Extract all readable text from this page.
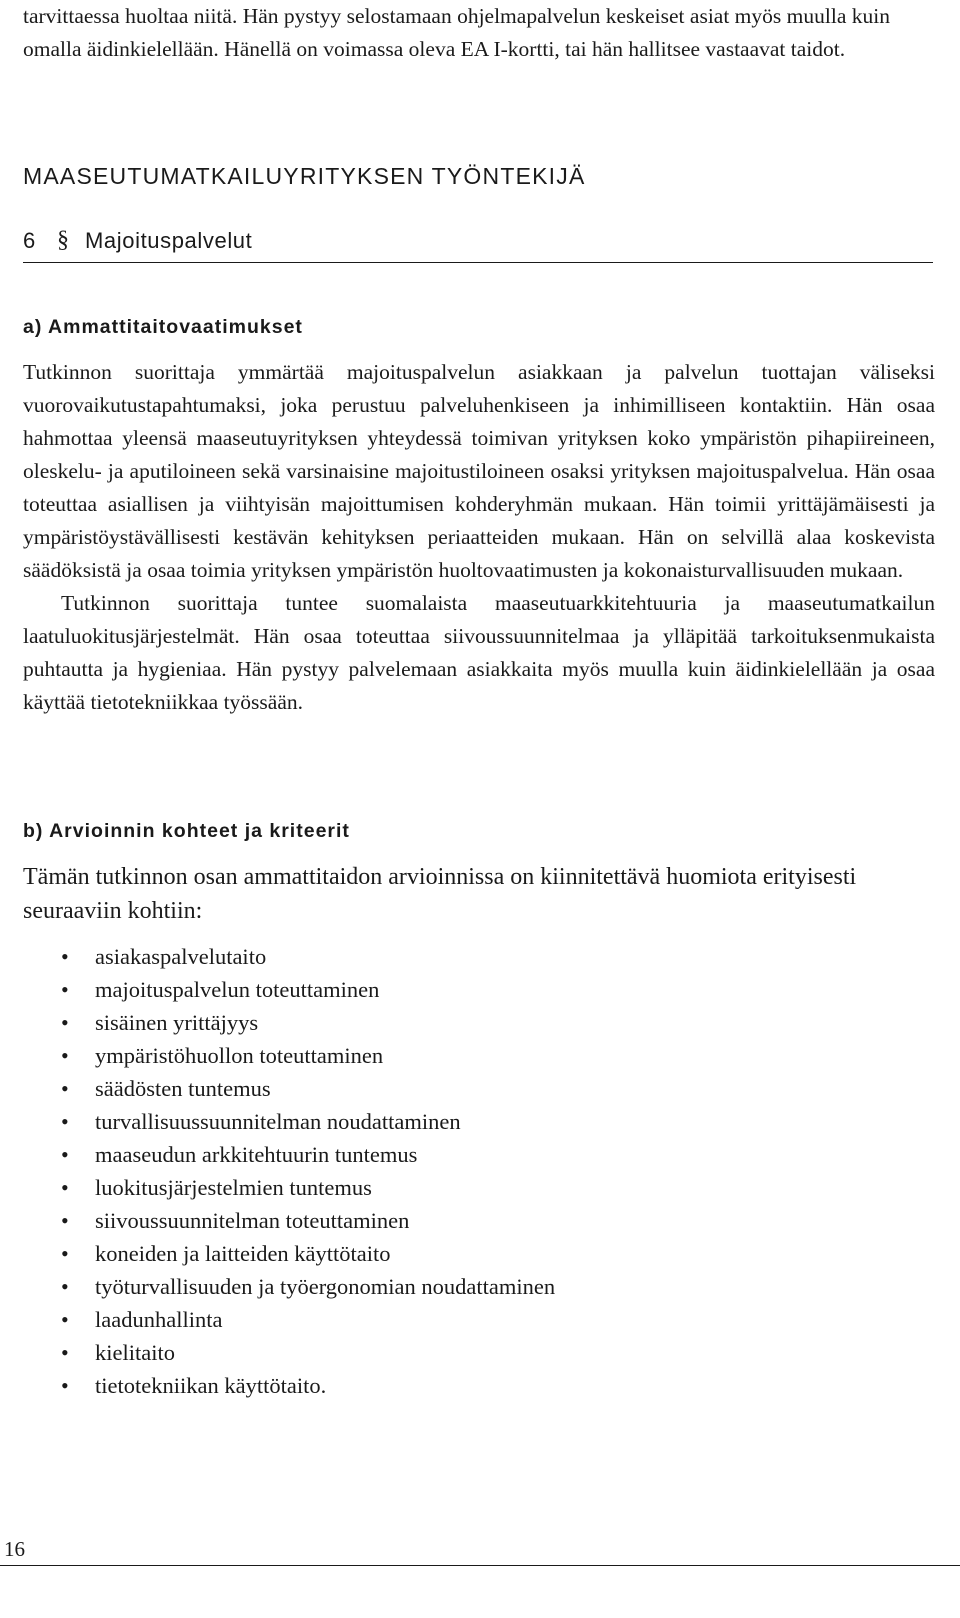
tarvittaessa huoltaa niitä. Hän pystyy selostamaan ohjelmapalvelun keskeiset asiat myös muulla kuin omalla äidinkielellään. Hänellä on voimassa oleva EA I-kortti, tai hän hallitsee vastaavat taidot.

MAASEUTUMATKAILUYRITYKSEN TYÖNTEKIJÄ
6 § Majoituspalvelut
a) Ammattitaitovaatimukset

Tutkinnon suorittaja ymmärtää majoituspalvelun asiakkaan ja palvelun tuottajan väliseksi vuorovaikutustapahtumaksi, joka perustuu palveluhenkiseen ja inhimilliseen kontaktiin. Hän osaa hahmottaa yleensä maaseutuyrityksen yhteydessä toimivan yrityksen koko ympäristön pihapiireineen, oleskelu- ja aputiloineen sekä varsinaisine majoitustiloineen osaksi yrityksen majoituspalvelua. Hän osaa toteuttaa asiallisen ja viihtyisän majoittumisen kohderyhmän mukaan. Hän toimii yrittäjämäisesti ja ympäristöystävällisesti kestävän kehityksen periaatteiden mukaan. Hän on selvillä alaa koskevista säädöksistä ja osaa toimia yrityksen ympäristön huoltovaatimusten ja kokonaisturvallisuuden mukaan.

Tutkinnon suorittaja tuntee suomalaista maaseutuarkkitehtuuria ja maaseutumatkailun laatuluokitusjärjestelmät. Hän osaa toteuttaa siivoussuunnitelmaa ja ylläpitää tarkoituksenmukaista puhtautta ja hygieniaa. Hän pystyy palvelemaan asiakkaita myös muulla kuin äidinkielellään ja osaa käyttää tietotekniikkaa työssään.

b) Arvioinnin kohteet ja kriteerit

Tämän tutkinnon osan ammattitaidon arvioinnissa on kiinnitettävä huomiota erityisesti seuraaviin kohtiin:

• asiakaspalvelutaito
• majoituspalvelun toteuttaminen
• sisäinen yrittäjyys
• ympäristöhuollon toteuttaminen
• säädösten tuntemus
• turvallisuussuunnitelman noudattaminen
• maaseudun arkkitehtuurin tuntemus
• luokitusjärjestelmien tuntemus
• siivoussuunnitelman toteuttaminen
• koneiden ja laitteiden käyttötaito
• työturvallisuuden ja työergonomian noudattaminen
• laadunhallinta
• kielitaito
• tietotekniikan käyttötaito.
16
